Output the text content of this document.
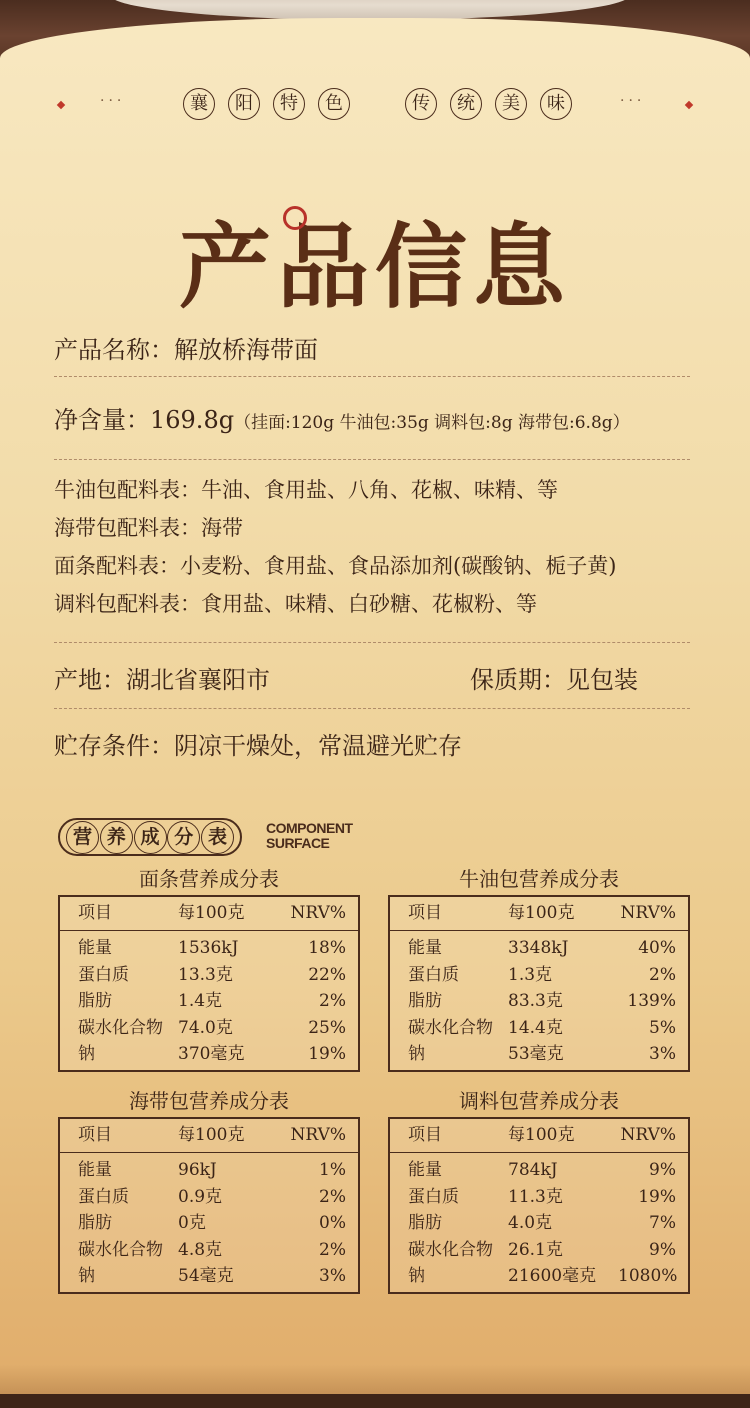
···	襄	阳	特	色	传	统	美	味	···
产品信息
产品名称：解放桥海带面
净含量：169.8g（挂面:120g 牛油包:35g 调料包:8g 海带包:6.8g）
牛油包配料表：牛油、食用盐、八角、花椒、味精、等
海带包配料表：海带
面条配料表：小麦粉、食用盐、食品添加剂(碳酸钠、栀子黄)
调料包配料表：食用盐、味精、白砂糖、花椒粉、等
产地：湖北省襄阳市	保质期：见包装
贮存条件：阴凉干燥处，常温避光贮存
营 养 成 分 表	COMPONENT
SURFACE
面条营养成分表
项目	每100克	NRV%
能量	1536kJ	18%
蛋白质	13.3克	22%
脂肪	1.4克	2%
碳水化合物 74.0克	25%
钠	370毫克	19%
牛油包营养成分表
项目	每100克	NRV%
能量	3348kJ	40%
蛋白质	1.3克	2%
脂肪	83.3克	139%
碳水化合物 14.4克	5%
钠	53毫克	3%
海带包营养成分表
项目	每100克	NRV%
能量	96kJ	1%
蛋白质	0.9克	2%
脂肪	0克	0%
碳水化合物 4.8克	2%
钠	54毫克	3%
调料包营养成分表
项目	每100克	NRV%
能量	784kJ	9%
蛋白质	11.3克	19%
脂肪	4.0克	7%
碳水化合物 26.1克	9%
钠	21600毫克	1080%
